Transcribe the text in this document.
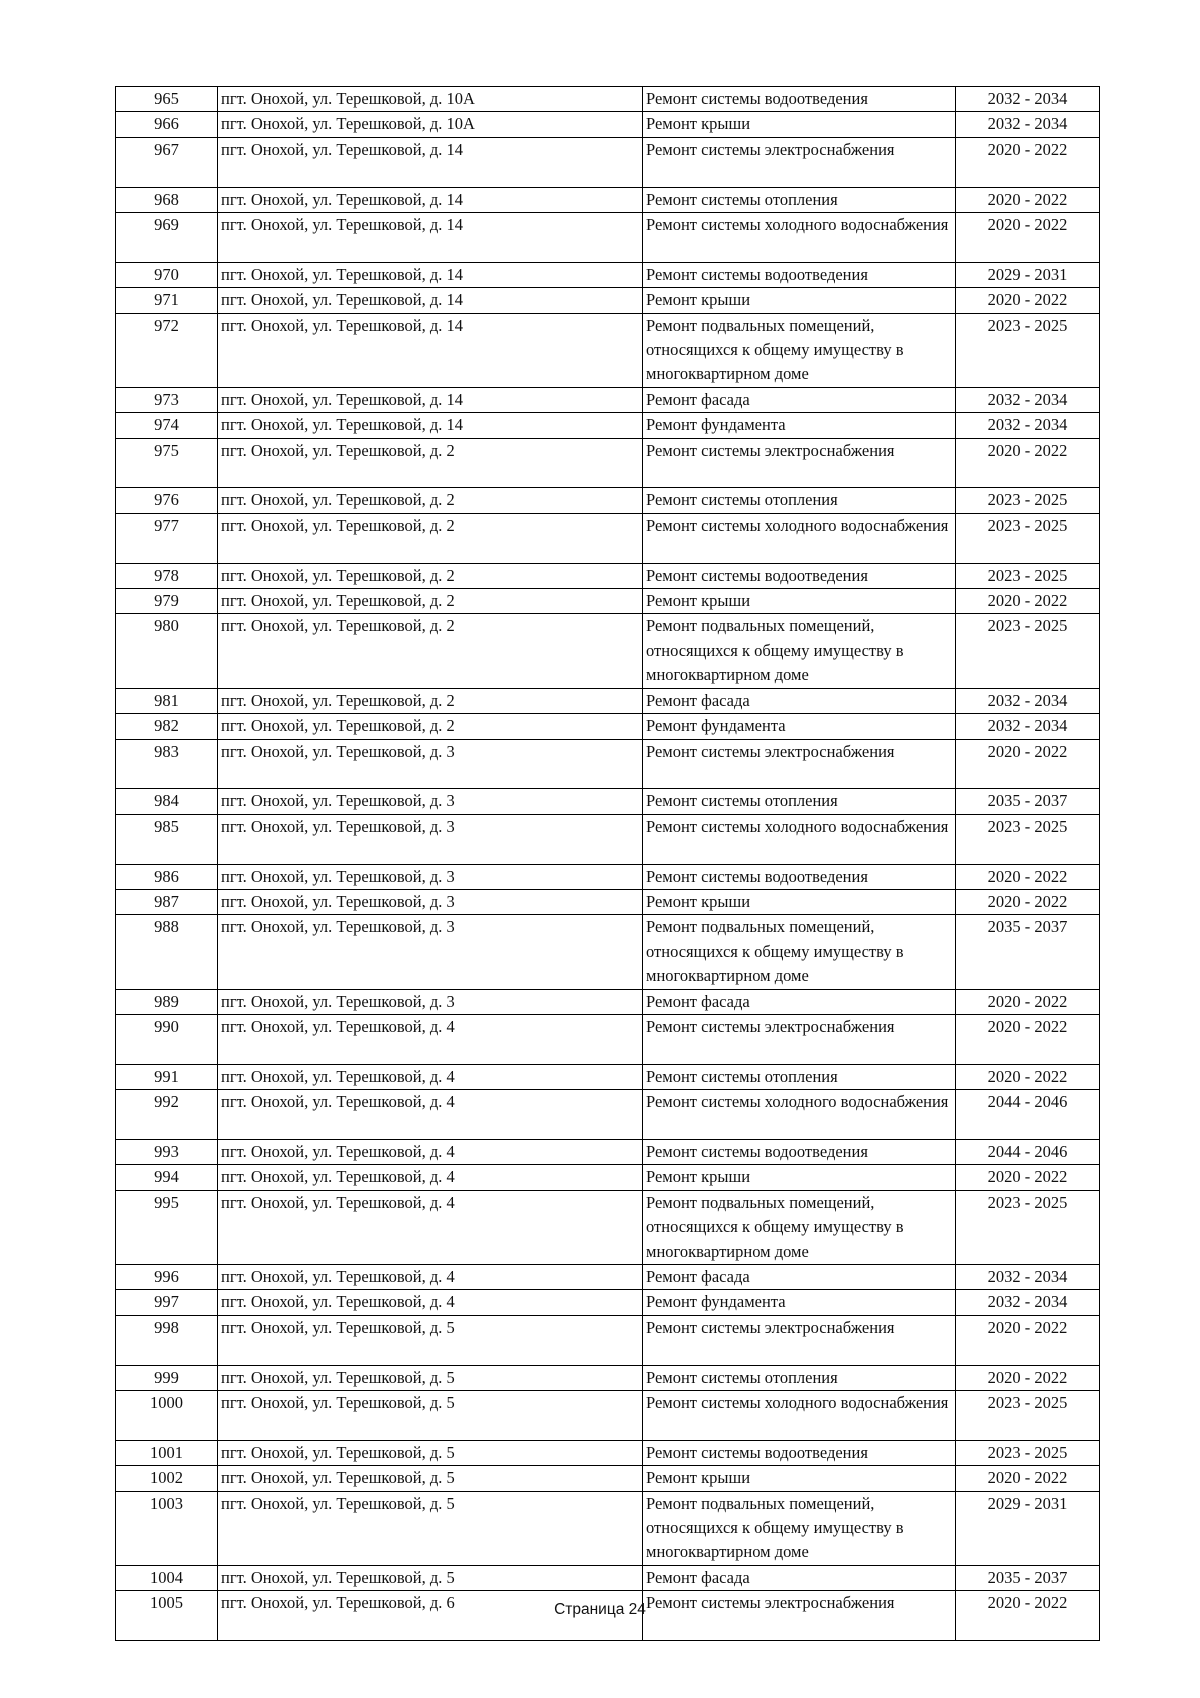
965	пгт. Онохой, ул. Терешковой, д. 10А	Ремонт системы водоотведения	2032 - 2034
966	пгт. Онохой, ул. Терешковой, д. 10А	Ремонт крыши	2032 - 2034
967	пгт. Онохой, ул. Терешковой, д. 14	Ремонт системы электроснабжения	2020 - 2022
968	пгт. Онохой, ул. Терешковой, д. 14	Ремонт системы отопления	2020 - 2022
969	пгт. Онохой, ул. Терешковой, д. 14	Ремонт системы холодного водоснабжения	2020 - 2022
970	пгт. Онохой, ул. Терешковой, д. 14	Ремонт системы водоотведения	2029 - 2031
971	пгт. Онохой, ул. Терешковой, д. 14	Ремонт крыши	2020 - 2022
972	пгт. Онохой, ул. Терешковой, д. 14	Ремонт подвальных помещений, относящихся к общему имуществу в многоквартирном доме	2023 - 2025
973	пгт. Онохой, ул. Терешковой, д. 14	Ремонт фасада	2032 - 2034
974	пгт. Онохой, ул. Терешковой, д. 14	Ремонт фундамента	2032 - 2034
975	пгт. Онохой, ул. Терешковой, д. 2	Ремонт системы электроснабжения	2020 - 2022
976	пгт. Онохой, ул. Терешковой, д. 2	Ремонт системы отопления	2023 - 2025
977	пгт. Онохой, ул. Терешковой, д. 2	Ремонт системы холодного водоснабжения	2023 - 2025
978	пгт. Онохой, ул. Терешковой, д. 2	Ремонт системы водоотведения	2023 - 2025
979	пгт. Онохой, ул. Терешковой, д. 2	Ремонт крыши	2020 - 2022
980	пгт. Онохой, ул. Терешковой, д. 2	Ремонт подвальных помещений, относящихся к общему имуществу в многоквартирном доме	2023 - 2025
981	пгт. Онохой, ул. Терешковой, д. 2	Ремонт фасада	2032 - 2034
982	пгт. Онохой, ул. Терешковой, д. 2	Ремонт фундамента	2032 - 2034
983	пгт. Онохой, ул. Терешковой, д. 3	Ремонт системы электроснабжения	2020 - 2022
984	пгт. Онохой, ул. Терешковой, д. 3	Ремонт системы отопления	2035 - 2037
985	пгт. Онохой, ул. Терешковой, д. 3	Ремонт системы холодного водоснабжения	2023 - 2025
986	пгт. Онохой, ул. Терешковой, д. 3	Ремонт системы водоотведения	2020 - 2022
987	пгт. Онохой, ул. Терешковой, д. 3	Ремонт крыши	2020 - 2022
988	пгт. Онохой, ул. Терешковой, д. 3	Ремонт подвальных помещений, относящихся к общему имуществу в многоквартирном доме	2035 - 2037
989	пгт. Онохой, ул. Терешковой, д. 3	Ремонт фасада	2020 - 2022
990	пгт. Онохой, ул. Терешковой, д. 4	Ремонт системы электроснабжения	2020 - 2022
991	пгт. Онохой, ул. Терешковой, д. 4	Ремонт системы отопления	2020 - 2022
992	пгт. Онохой, ул. Терешковой, д. 4	Ремонт системы холодного водоснабжения	2044 - 2046
993	пгт. Онохой, ул. Терешковой, д. 4	Ремонт системы водоотведения	2044 - 2046
994	пгт. Онохой, ул. Терешковой, д. 4	Ремонт крыши	2020 - 2022
995	пгт. Онохой, ул. Терешковой, д. 4	Ремонт подвальных помещений, относящихся к общему имуществу в многоквартирном доме	2023 - 2025
996	пгт. Онохой, ул. Терешковой, д. 4	Ремонт фасада	2032 - 2034
997	пгт. Онохой, ул. Терешковой, д. 4	Ремонт фундамента	2032 - 2034
998	пгт. Онохой, ул. Терешковой, д. 5	Ремонт системы электроснабжения	2020 - 2022
999	пгт. Онохой, ул. Терешковой, д. 5	Ремонт системы отопления	2020 - 2022
1000	пгт. Онохой, ул. Терешковой, д. 5	Ремонт системы холодного водоснабжения	2023 - 2025
1001	пгт. Онохой, ул. Терешковой, д. 5	Ремонт системы водоотведения	2023 - 2025
1002	пгт. Онохой, ул. Терешковой, д. 5	Ремонт крыши	2020 - 2022
1003	пгт. Онохой, ул. Терешковой, д. 5	Ремонт подвальных помещений, относящихся к общему имуществу в многоквартирном доме	2029 - 2031
1004	пгт. Онохой, ул. Терешковой, д. 5	Ремонт фасада	2035 - 2037
1005	пгт. Онохой, ул. Терешковой, д. 6	Ремонт системы электроснабжения	2020 - 2022
Страница 24
